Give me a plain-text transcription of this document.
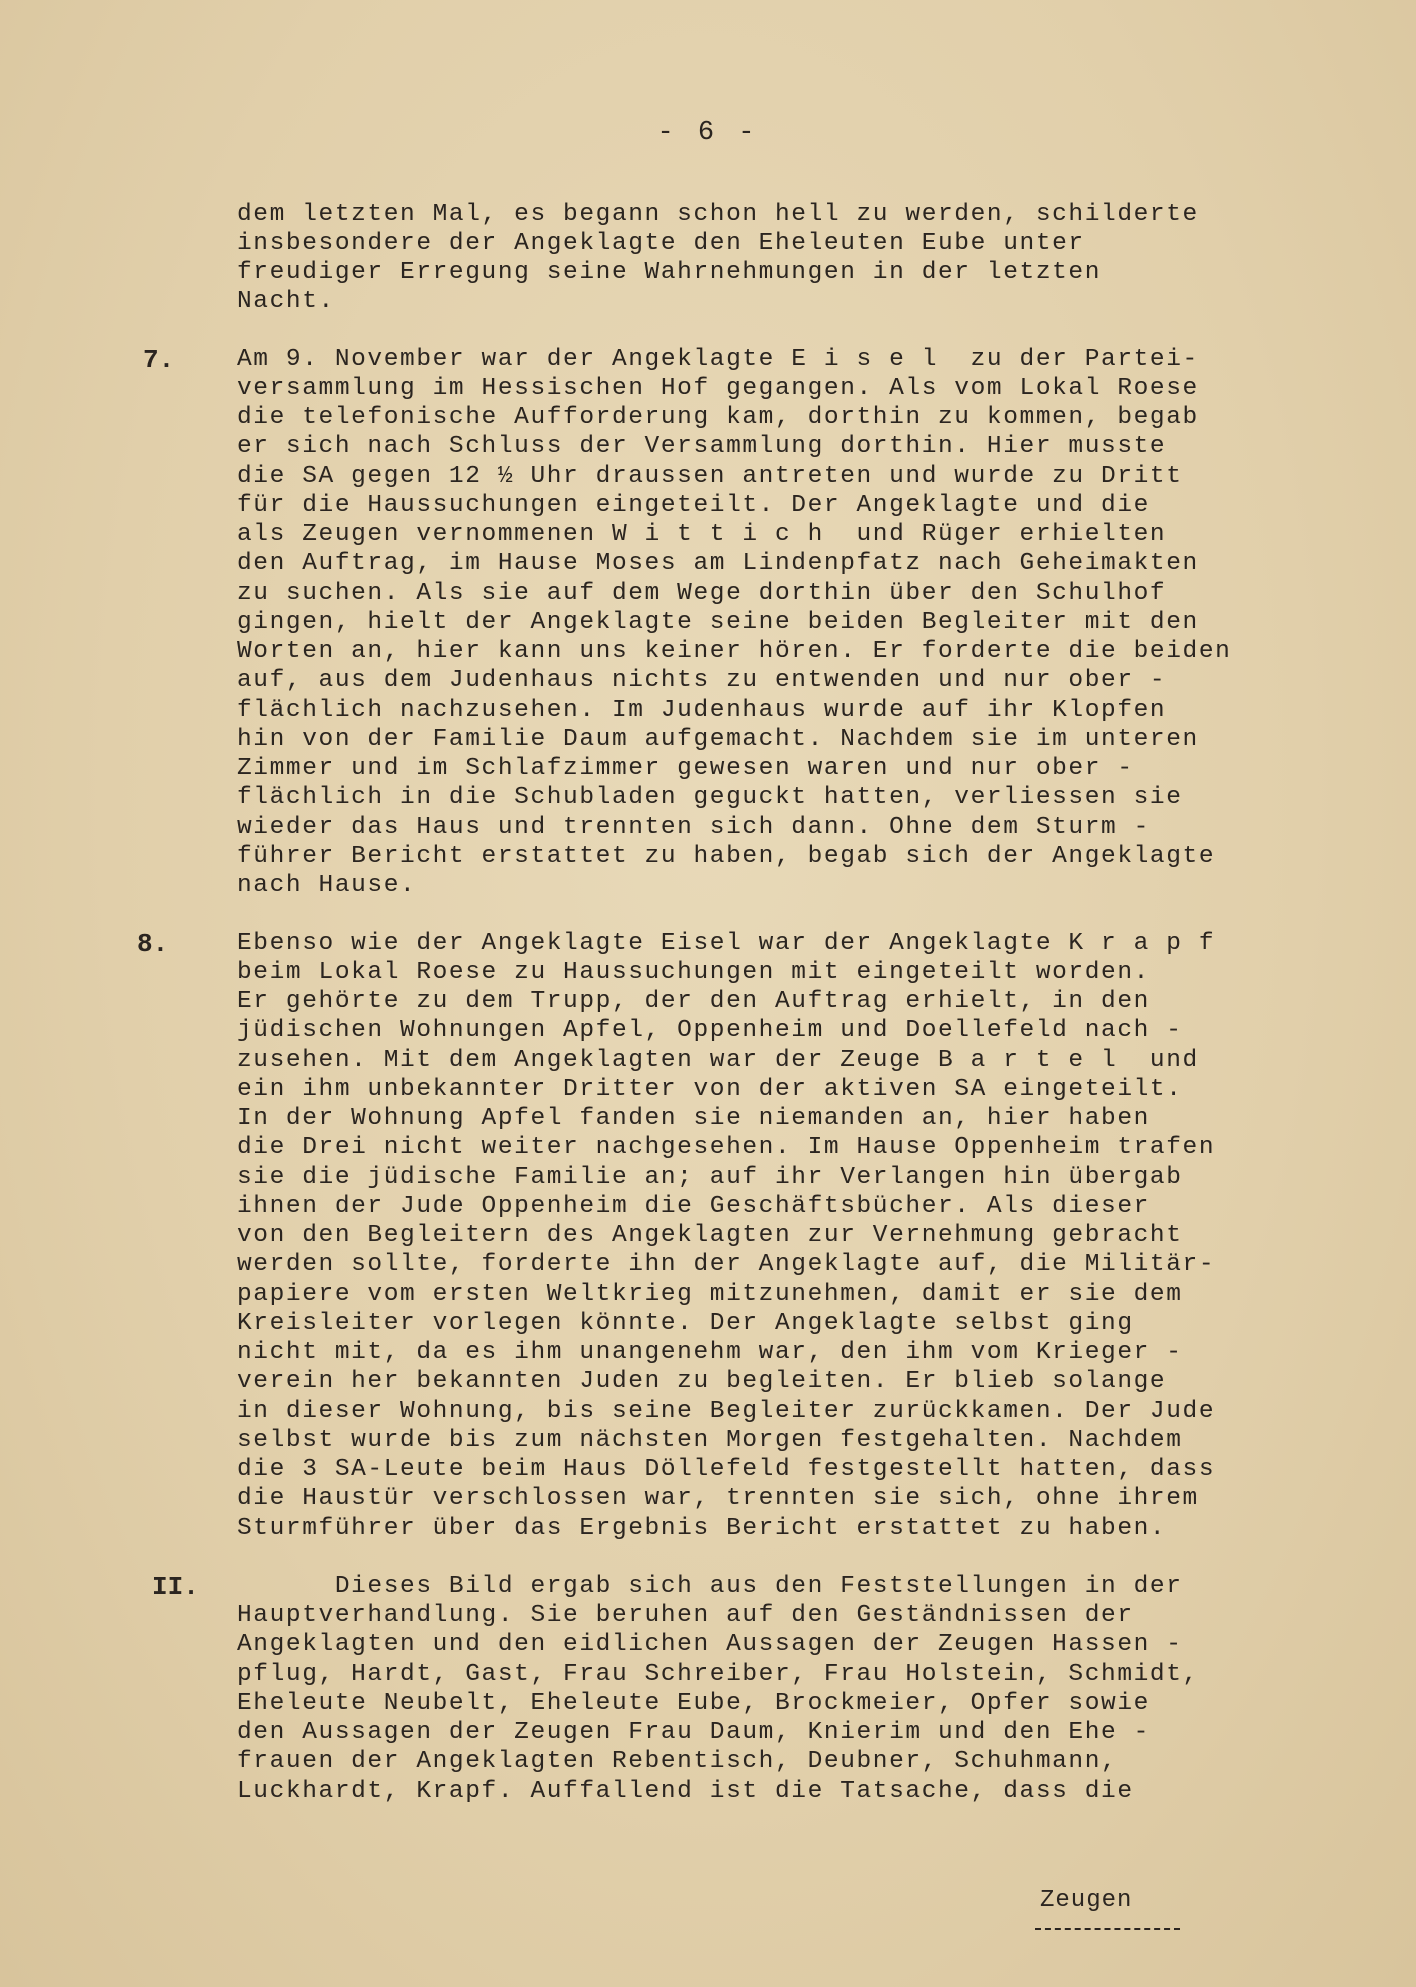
- 6 -
dem letzten Mal, es begann schon hell zu werden, schilderte
insbesondere der Angeklagte den Eheleuten Eube unter
freudiger Erregung seine Wahrnehmungen in der letzten
Nacht.
7.	Am 9. November war der Angeklagte E i s e l  zu der Partei-
versammlung im Hessischen Hof gegangen. Als vom Lokal Roese
die telefonische Aufforderung kam, dorthin zu kommen, begab
er sich nach Schluss der Versammlung dorthin. Hier musste
die SA gegen 12 ½ Uhr draussen antreten und wurde zu Dritt
für die Haussuchungen eingeteilt. Der Angeklagte und die
als Zeugen vernommenen W i t t i c h  und Rüger erhielten
den Auftrag, im Hause Moses am Lindenpfatz nach Geheimakten
zu suchen. Als sie auf dem Wege dorthin über den Schulhof
gingen, hielt der Angeklagte seine beiden Begleiter mit den
Worten an, hier kann uns keiner hören. Er forderte die beiden
auf, aus dem Judenhaus nichts zu entwenden und nur ober -
flächlich nachzusehen. Im Judenhaus wurde auf ihr Klopfen
hin von der Familie Daum aufgemacht. Nachdem sie im unteren
Zimmer und im Schlafzimmer gewesen waren und nur ober -
flächlich in die Schubladen geguckt hatten, verliessen sie
wieder das Haus und trennten sich dann. Ohne dem Sturm -
führer Bericht erstattet zu haben, begab sich der Angeklagte
nach Hause.
8.	Ebenso wie der Angeklagte Eisel war der Angeklagte K r a p f
beim Lokal Roese zu Haussuchungen mit eingeteilt worden.
Er gehörte zu dem Trupp, der den Auftrag erhielt, in den
jüdischen Wohnungen Apfel, Oppenheim und Doellefeld nach -
zusehen. Mit dem Angeklagten war der Zeuge B a r t e l  und
ein ihm unbekannter Dritter von der aktiven SA eingeteilt.
In der Wohnung Apfel fanden sie niemanden an, hier haben
die Drei nicht weiter nachgesehen. Im Hause Oppenheim trafen
sie die jüdische Familie an; auf ihr Verlangen hin übergab
ihnen der Jude Oppenheim die Geschäftsbücher. Als dieser
von den Begleitern des Angeklagten zur Vernehmung gebracht
werden sollte, forderte ihn der Angeklagte auf, die Militär-
papiere vom ersten Weltkrieg mitzunehmen, damit er sie dem
Kreisleiter vorlegen könnte. Der Angeklagte selbst ging
nicht mit, da es ihm unangenehm war, den ihm vom Krieger -
verein her bekannten Juden zu begleiten. Er blieb solange
in dieser Wohnung, bis seine Begleiter zurückkamen. Der Jude
selbst wurde bis zum nächsten Morgen festgehalten. Nachdem
die 3 SA-Leute beim Haus Döllefeld festgestellt hatten, dass
die Haustür verschlossen war, trennten sie sich, ohne ihrem
Sturmführer über das Ergebnis Bericht erstattet zu haben.
II. Dieses Bild ergab sich aus den Feststellungen in der
Hauptverhandlung. Sie beruhen auf den Geständnissen der
Angeklagten und den eidlichen Aussagen der Zeugen Hassen -
pflug, Hardt, Gast, Frau Schreiber, Frau Holstein, Schmidt,
Eheleute Neubelt, Eheleute Eube, Brockmeier, Opfer sowie
den Aussagen der Zeugen Frau Daum, Knierim und den Ehe -
frauen der Angeklagten Rebentisch, Deubner, Schuhmann,
Luckhardt, Krapf. Auffallend ist die Tatsache, dass die
Zeugen
